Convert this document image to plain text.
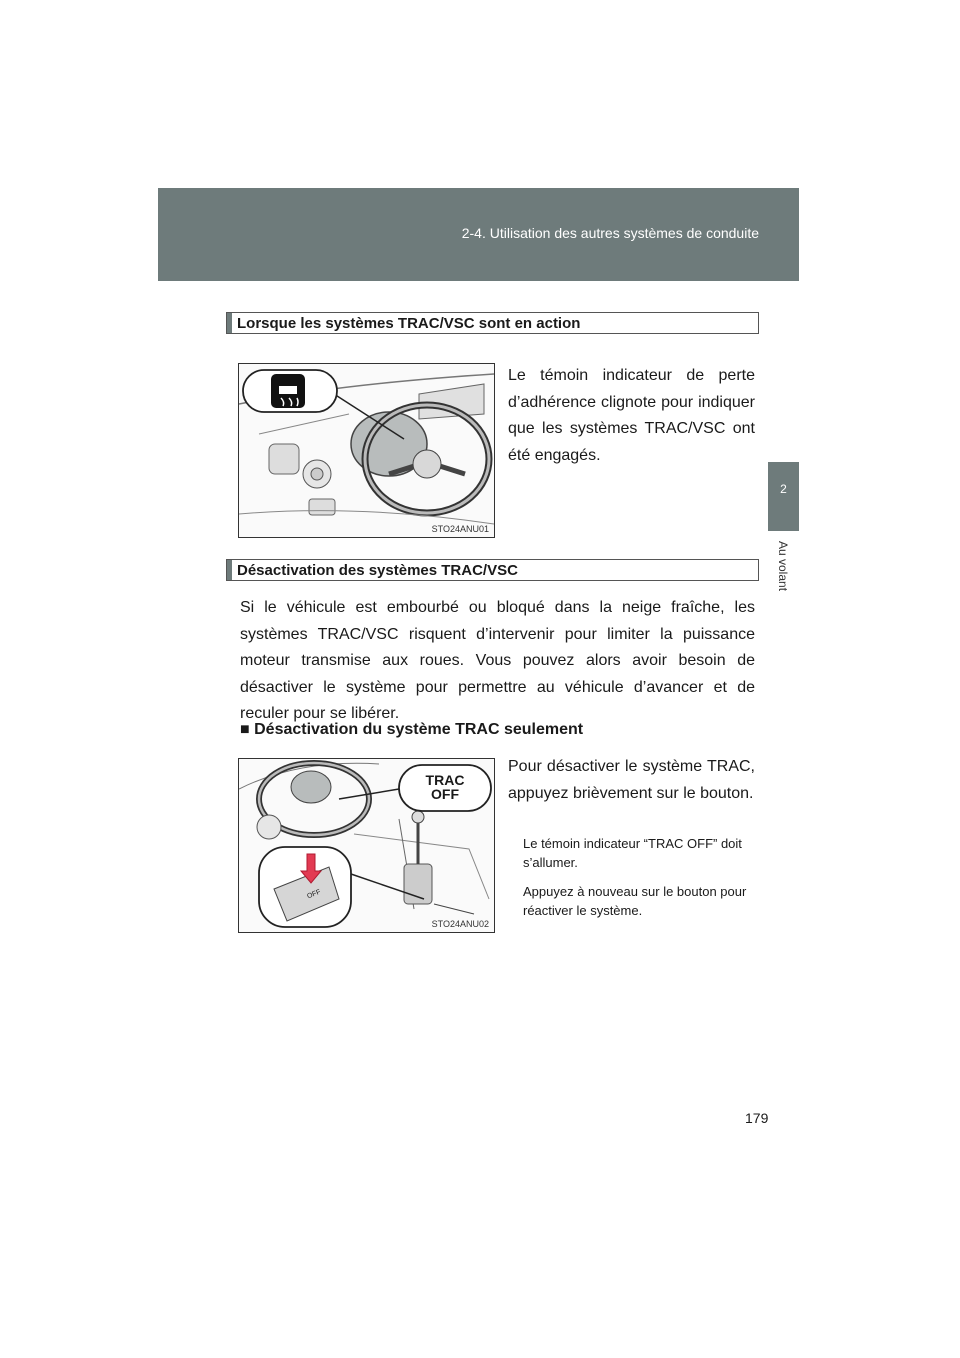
2-4. Utilisation des autres systèmes de conduite
2
Au volant
Lorsque les systèmes TRAC/VSC sont en action
STO24ANU01
Le témoin indicateur de perte d’adhérence clignote pour indiquer que les systèmes TRAC/VSC ont été engagés.
Désactivation des systèmes TRAC/VSC
Si le véhicule est embourbé ou bloqué dans la neige fraîche, les systèmes TRAC/VSC risquent d’intervenir pour limiter la puissance moteur transmise aux roues. Vous pouvez alors avoir besoin de désactiver le système pour permettre au véhicule d’avancer et de reculer pour se libérer.
■ Désactivation du système TRAC seulement
STO24ANU02
TRAC
OFF
OFF
Pour désactiver le système TRAC, appuyez brièvement sur le bouton.
Le témoin indicateur “TRAC OFF” doit s’allumer.
Appuyez à nouveau sur le bouton pour réactiver le système.
179
